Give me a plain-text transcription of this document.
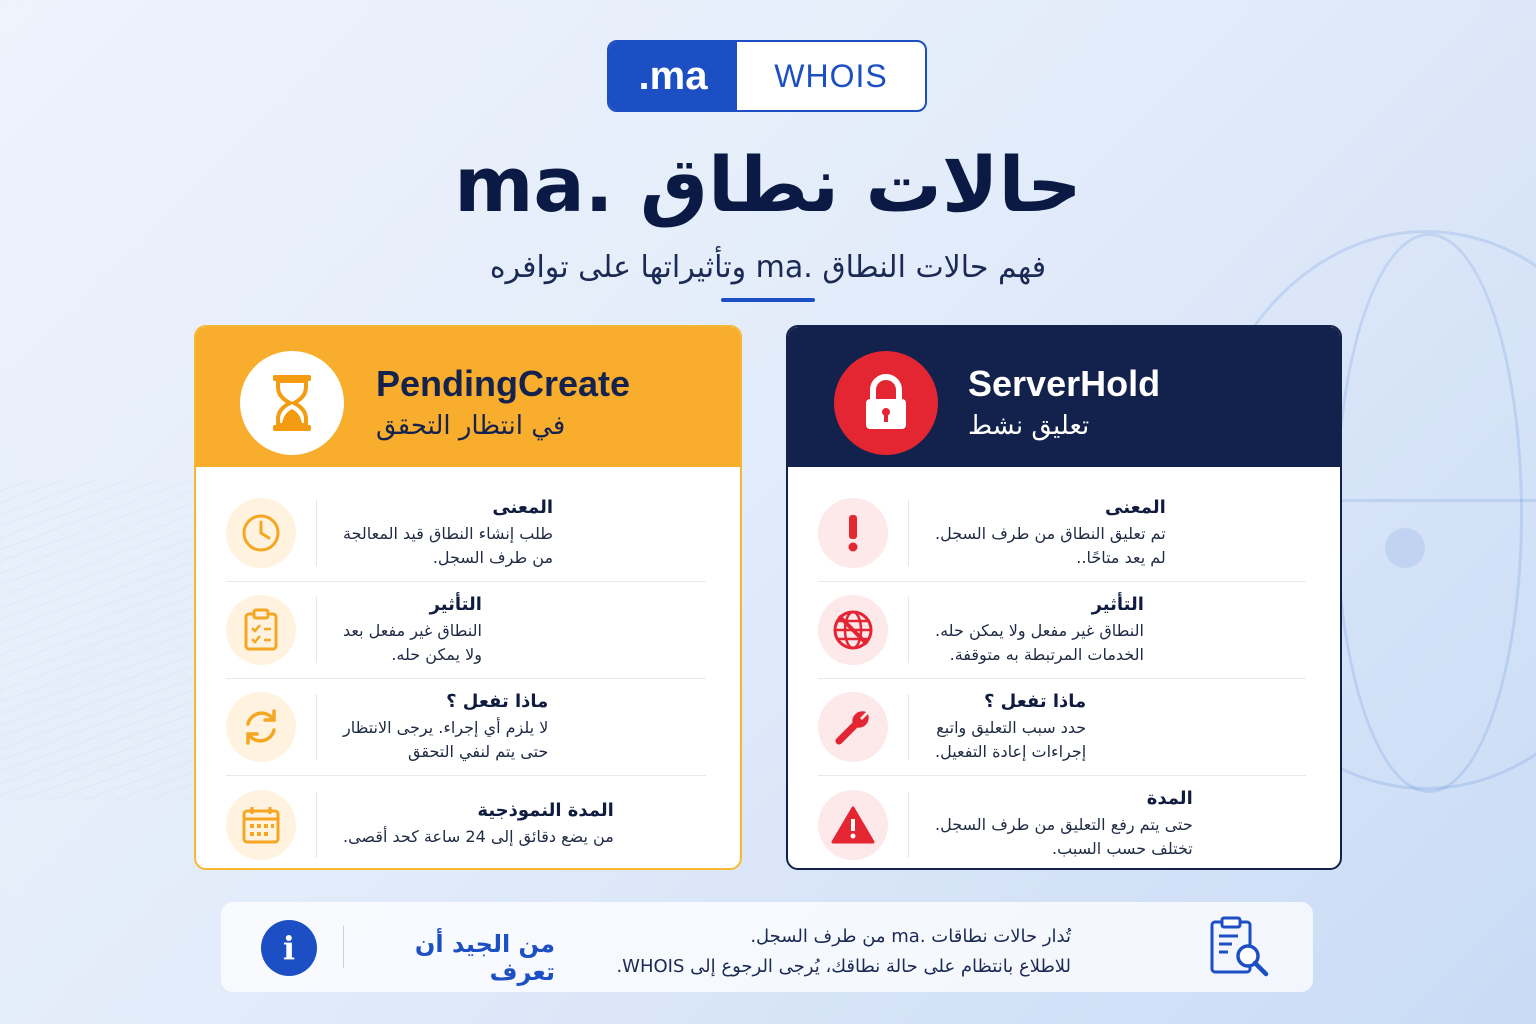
.ma	WHOIS
حالات نطاق .ma
فهم حالات النطاق .ma وتأثيراتها على توافره
PendingCreate
في انتظار التحقق
المعنى
طلب إنشاء النطاق قيد المعالجة
من طرف السجل.
التأثير
النطاق غير مفعل بعد
ولا يمكن حله.
ماذا تفعل ؟
لا يلزم أي إجراء. يرجى الانتظار
حتى يتم لنفي التحقق
المدة النموذجية
من يضع دقائق إلى 24 ساعة كحد أقصى.
ServerHold
تعليق نشط
المعنى
تم تعليق النطاق من طرف السجل.
لم يعد متاحًا..
التأثير
النطاق غير مفعل ولا يمكن حله.
الخدمات المرتبطة به متوقفة.
ماذا تفعل ؟
حدد سبب التعليق واتبع
إجراءات إعادة التفعيل.
المدة
حتى يتم رفع التعليق من طرف السجل.
تختلف حسب السبب.
i	من الجيد أن تعرف
تُدار حالات نطاقات .ma من طرف السجل.
للاطلاع بانتظام على حالة نطاقك، يُرجى الرجوع إلى WHOIS.
